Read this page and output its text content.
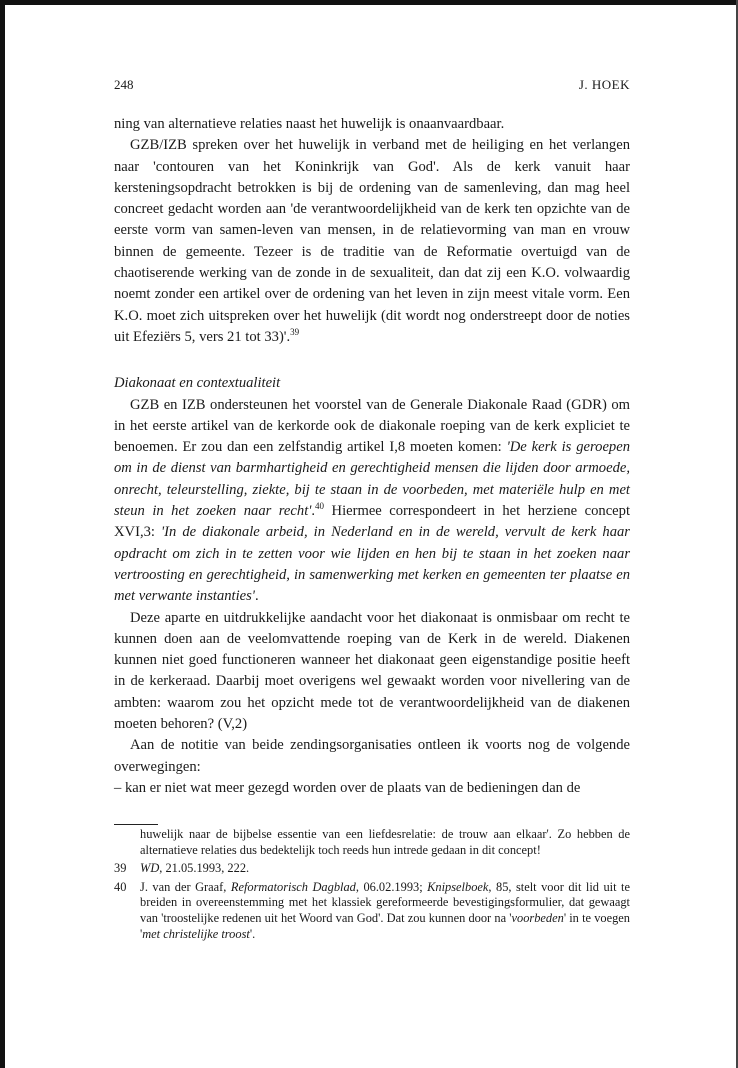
248	J. HOEK

ning van alternatieve relaties naast het huwelijk is onaanvaardbaar.

GZB/IZB spreken over het huwelijk in verband met de heiliging en het verlangen naar 'contouren van het Koninkrijk van God'. Als de kerk vanuit haar kersteningsopdracht betrokken is bij de ordening van de samenleving, dan mag heel concreet gedacht worden aan 'de verantwoordelijkheid van de kerk ten opzichte van de eerste vorm van samen-leven van mensen, in de relatievorming van man en vrouw binnen de gemeente. Tezeer is de traditie van de Reformatie overtuigd van de chaotiserende werking van de zonde in de sexualiteit, dan dat zij een K.O. volwaardig noemt zonder een artikel over de ordening van het leven in zijn meest vitale vorm. Een K.O. moet zich uitspreken over het huwelijk (dit wordt nog onderstreept door de noties uit Efeziërs 5, vers 21 tot 33)'.$^{39}$

Diakonaat en contextualiteit

GZB en IZB ondersteunen het voorstel van de Generale Diakonale Raad (GDR) om in het eerste artikel van de kerkorde ook de diakonale roeping van de kerk expliciet te benoemen. Er zou dan een zelfstandig artikel I,8 moeten komen: 'De kerk is geroepen om in de dienst van barmhartigheid en gerechtigheid mensen die lijden door armoede, onrecht, teleurstelling, ziekte, bij te staan in de voorbeden, met materiële hulp en met steun in het zoeken naar recht'.$^{40}$ Hiermee correspondeert in het herziene concept XVI,3: 'In de diakonale arbeid, in Nederland en in de wereld, vervult de kerk haar opdracht om zich in te zetten voor wie lijden en hen bij te staan in het zoeken naar vertroosting en gerechtigheid, in samenwerking met kerken en gemeenten ter plaatse en met verwante instanties'.

Deze aparte en uitdrukkelijke aandacht voor het diakonaat is onmisbaar om recht te kunnen doen aan de veelomvattende roeping van de Kerk in de wereld. Diakenen kunnen niet goed functioneren wanneer het diakonaat geen eigenstandige positie heeft in de kerkeraad. Daarbij moet overigens wel gewaakt worden voor nivellering van de ambten: waarom zou het opzicht mede tot de verantwoordelijkheid van de diakenen moeten behoren? (V,2)

Aan de notitie van beide zendingsorganisaties ontleen ik voorts nog de volgende overwegingen:

– kan er niet wat meer gezegd worden over de plaats van de bedieningen dan de

huwelijk naar de bijbelse essentie van een liefdesrelatie: de trouw aan elkaar'. Zo hebben de alternatieve relaties dus bedektelijk toch reeds hun intrede gedaan in dit concept!
39 WD, 21.05.1993, 222.
40 J. van der Graaf, Reformatorisch Dagblad, 06.02.1993; Knipselboek, 85, stelt voor dit lid uit te breiden in overeenstemming met het klassiek gereformeerde bevestigingsformulier, dat gewaagt van 'troostelijke redenen uit het Woord van God'. Dat zou kunnen door na 'voorbeden' in te voegen 'met christelijke troost'.
